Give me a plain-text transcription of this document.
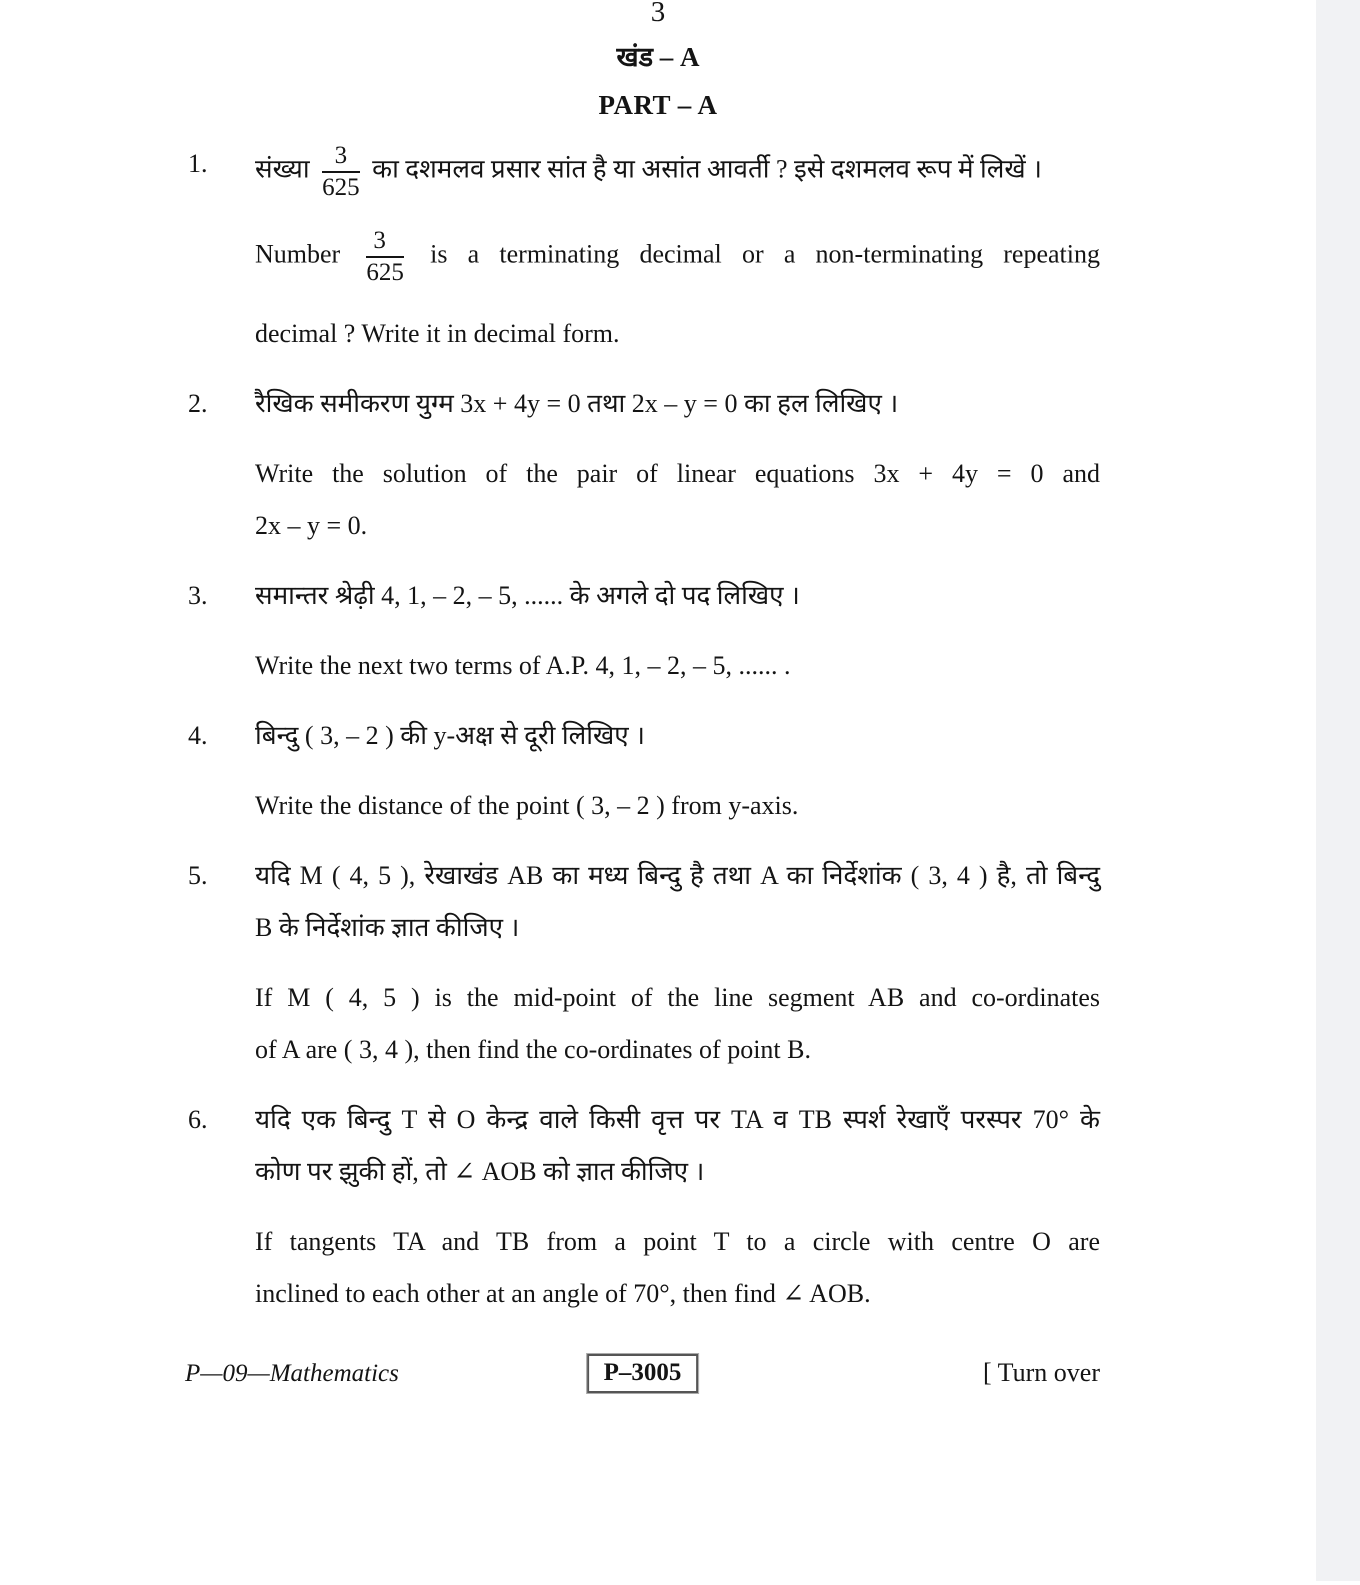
3
खंड – A
PART – A
1.	संख्या $\frac{3}{625}$ का दशमलव प्रसार सांत है या असांत आवर्ती ? इसे दशमलव रूप में लिखें ।

Number $\frac{3}{625}$ is a terminating decimal or a non-terminating repeating

decimal ? Write it in decimal form.

2.	रैखिक समीकरण युग्म 3x + 4y = 0 तथा 2x – y = 0 का हल लिखिए ।

Write the solution of the pair of linear equations 3x + 4y = 0 and
2x – y = 0.

3.	समान्तर श्रेढ़ी 4, 1, – 2, – 5, ...... के अगले दो पद लिखिए ।

Write the next two terms of A.P. 4, 1, – 2, – 5, ...... .

4.	बिन्दु ( 3, – 2 ) की y-अक्ष से दूरी लिखिए ।

Write the distance of the point ( 3, – 2 ) from y-axis.

5.	यदि M ( 4, 5 ), रेखाखंड AB का मध्य बिन्दु है तथा A का निर्देशांक ( 3, 4 ) है, तो बिन्दु
B के निर्देशांक ज्ञात कीजिए ।

If M ( 4, 5 ) is the mid-point of the line segment AB and co-ordinates
of A are ( 3, 4 ), then find the co-ordinates of point B.

6.	यदि एक बिन्दु T से O केन्द्र वाले किसी वृत्त पर TA व TB स्पर्श रेखाएँ परस्पर 70° के
कोण पर झुकी हों, तो ∠ AOB को ज्ञात कीजिए ।

If tangents TA and TB from a point T to a circle with centre O are
inclined to each other at an angle of 70°, then find ∠ AOB.

P—09—Mathematics	P–3005	[ Turn over
